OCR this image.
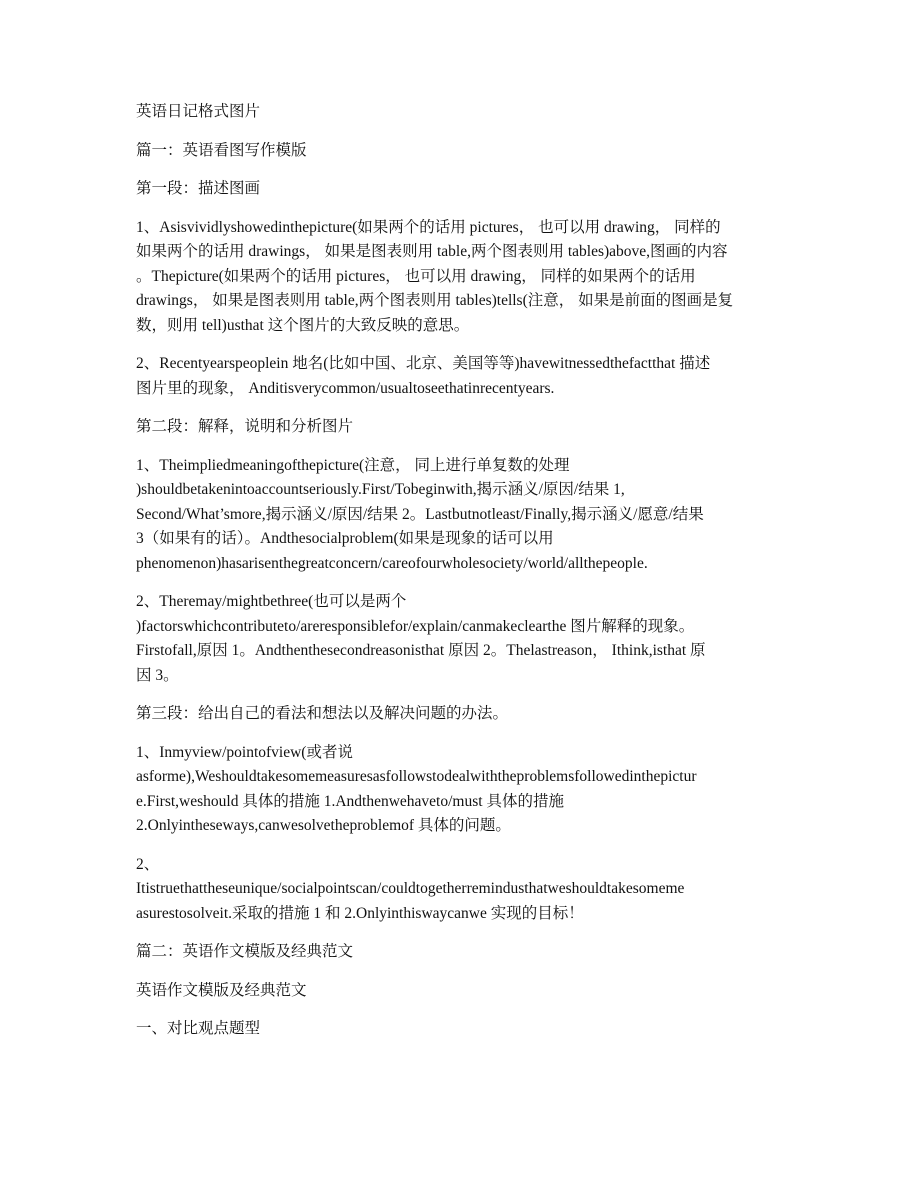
英语日记格式图片

篇一：英语看图写作模版

第一段：描述图画

1、Asisvividlyshowedinthepicture(如果两个的话用 pictures， 也可以用 drawing， 同样的

如果两个的话用 drawings， 如果是图表则用 table,两个图表则用 tables)above,图画的内容

。Thepicture(如果两个的话用 pictures， 也可以用 drawing， 同样的如果两个的话用

drawings， 如果是图表则用 table,两个图表则用 tables)tells(注意， 如果是前面的图画是复

数，则用 tell)usthat 这个图片的大致反映的意思。

2、Recentyearspeoplein 地名(比如中国、北京、美国等等)havewitnessedthefactthat 描述

图片里的现象， Anditisverycommon/usualtoseethatinrecentyears.

第二段：解释，说明和分析图片

1、Theimpliedmeaningofthepicture(注意， 同上进行单复数的处理

)shouldbetakenintoaccountseriously.First/Tobeginwith,揭示涵义/原因/结果 1,

Second/What’smore,揭示涵义/原因/结果 2。Lastbutnotleast/Finally,揭示涵义/愿意/结果

3（如果有的话）。Andthesocialproblem(如果是现象的话可以用

phenomenon)hasarisenthegreatconcern/careofourwholesociety/world/allthepeople.

2、Theremay/mightbethree(也可以是两个

)factorswhichcontributeto/areresponsiblefor/explain/canmakeclearthe 图片解释的现象。

Firstofall,原因 1。Andthenthesecondreasonisthat 原因 2。Thelastreason， Ithink,isthat 原

因 3。

第三段：给出自己的看法和想法以及解决问题的办法。

1、Inmyview/pointofview(或者说

asforme),Weshouldtakesomemeasuresasfollowstodealwiththeproblemsfollowedinthepictur

e.First,weshould 具体的措施 1.Andthenwehaveto/must 具体的措施

2.Onlyintheseways,canwesolvetheproblemof 具体的问题。

2、

Itistruethattheseunique/socialpointscan/couldtogetherremindusthatweshouldtakesomeme

asurestosolveit.采取的措施 1 和 2.Onlyinthiswaycanwe 实现的目标！

篇二：英语作文模版及经典范文

英语作文模版及经典范文

一、对比观点题型
